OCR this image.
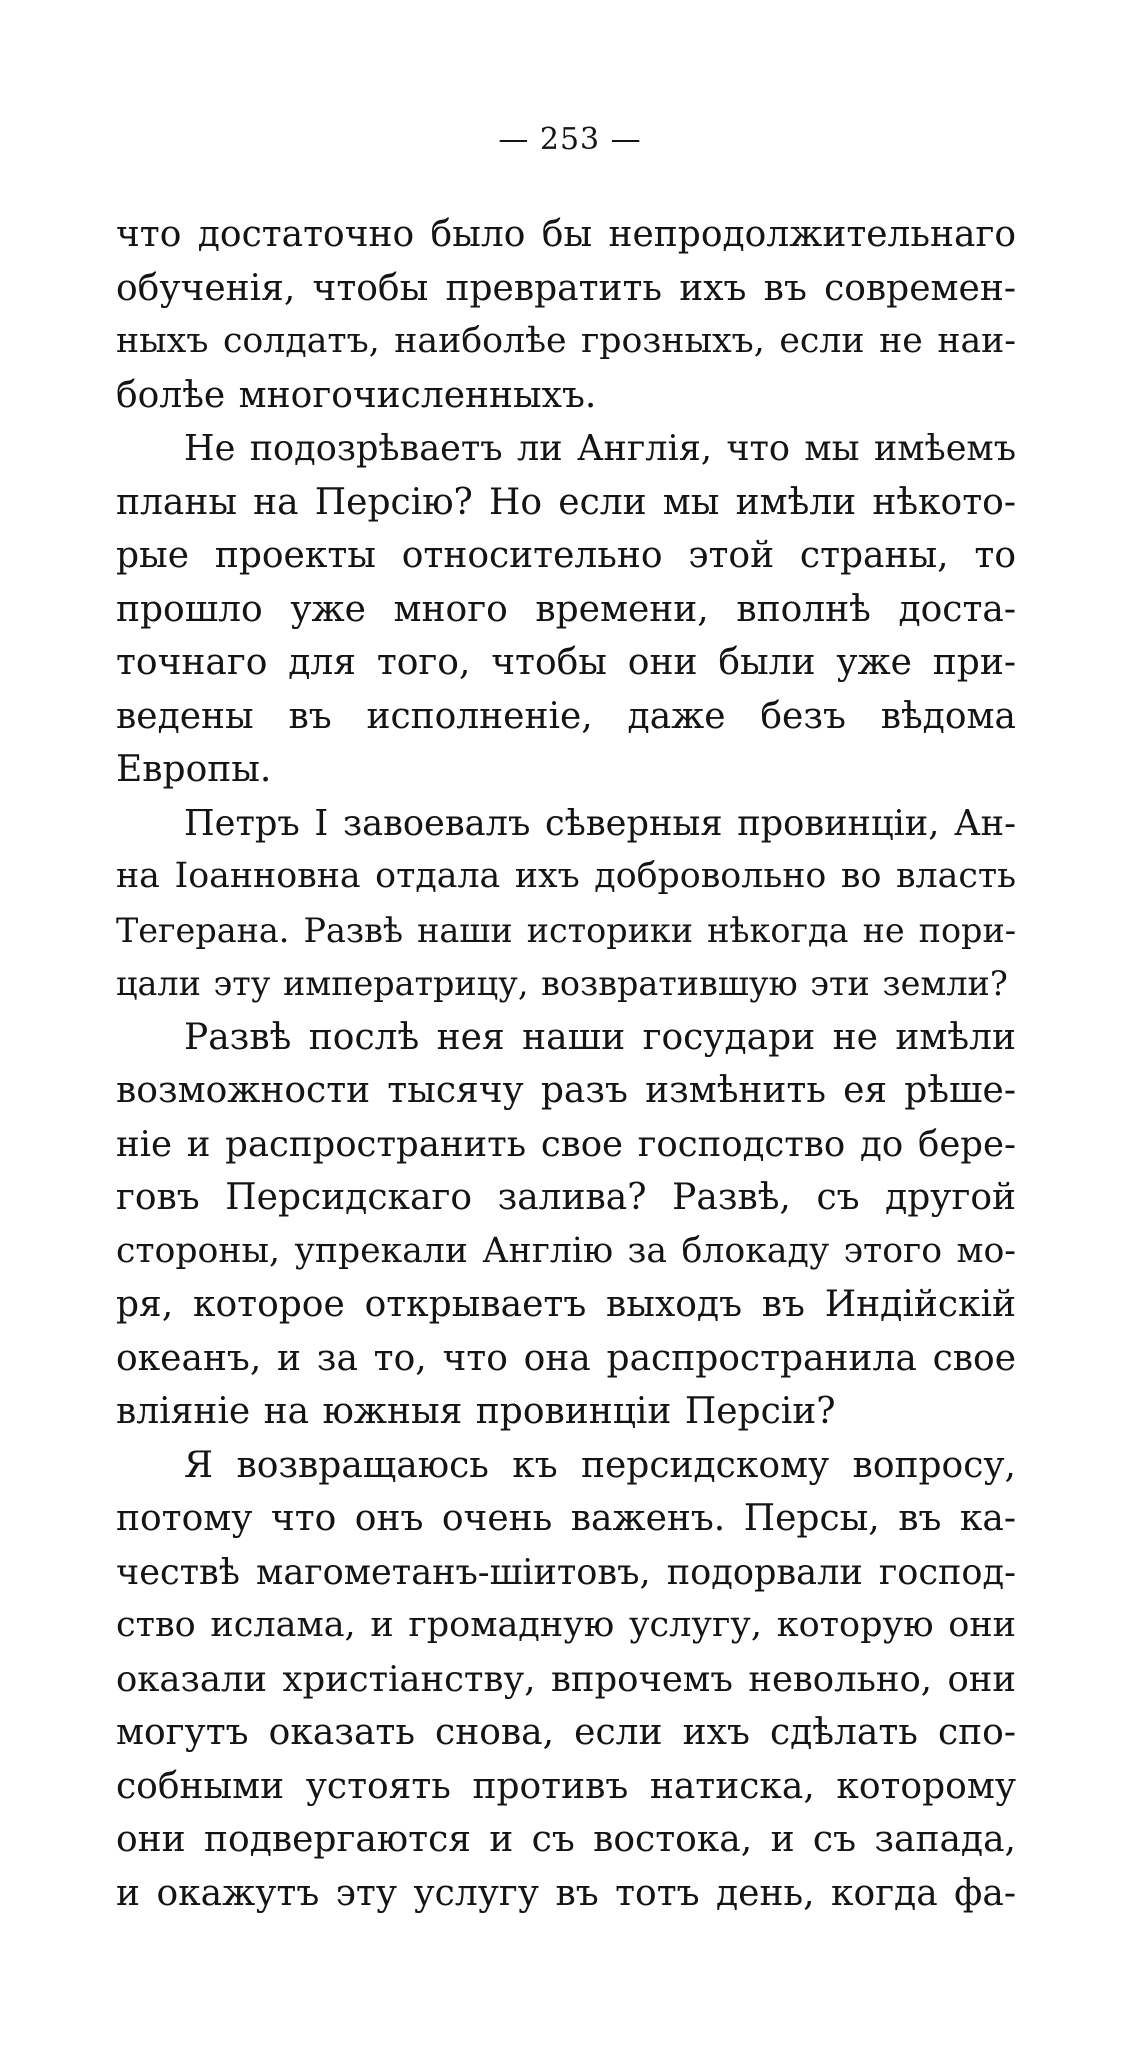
— 253 —
что достаточно было бы непродолжительнаго
обученія, чтобы превратить ихъ въ современ-
ныхъ солдатъ, наиболѣе грозныхъ, если не наи-
болѣе многочисленныхъ.
Не подозрѣваетъ ли Англія, что мы имѣемъ
планы на Персію? Но если мы имѣли нѣкото-
рые проекты относительно этой страны, то
прошло уже много времени, вполнѣ доста-
точнаго для того, чтобы они были уже при-
ведены въ исполненіе, даже безъ вѣдома
Европы.
Петръ I завоевалъ сѣверныя провинціи, Ан-
на Іоанновна отдала ихъ добровольно во власть
Тегерана. Развѣ наши историки нѣкогда не пори-
цали эту императрицу, возвратившую эти земли?
Развѣ послѣ нея наши государи не имѣли
возможности тысячу разъ измѣнить ея рѣше-
ніе и распространить свое господство до бере-
говъ Персидскаго залива? Развѣ, съ другой
стороны, упрекали Англію за блокаду этого мо-
ря, которое открываетъ выходъ въ Индійскій
океанъ, и за то, что она распространила свое
вліяніе на южныя провинціи Персіи?
Я возвращаюсь къ персидскому вопросу,
потому что онъ очень важенъ. Персы, въ ка-
чествѣ магометанъ-шіитовъ, подорвали господ-
ство ислама, и громадную услугу, которую они
оказали христіанству, впрочемъ невольно, они
могутъ оказать снова, если ихъ сдѣлать спо-
собными устоять противъ натиска, которому
они подвергаются и съ востока, и съ запада,
и окажутъ эту услугу въ тотъ день, когда фа-
